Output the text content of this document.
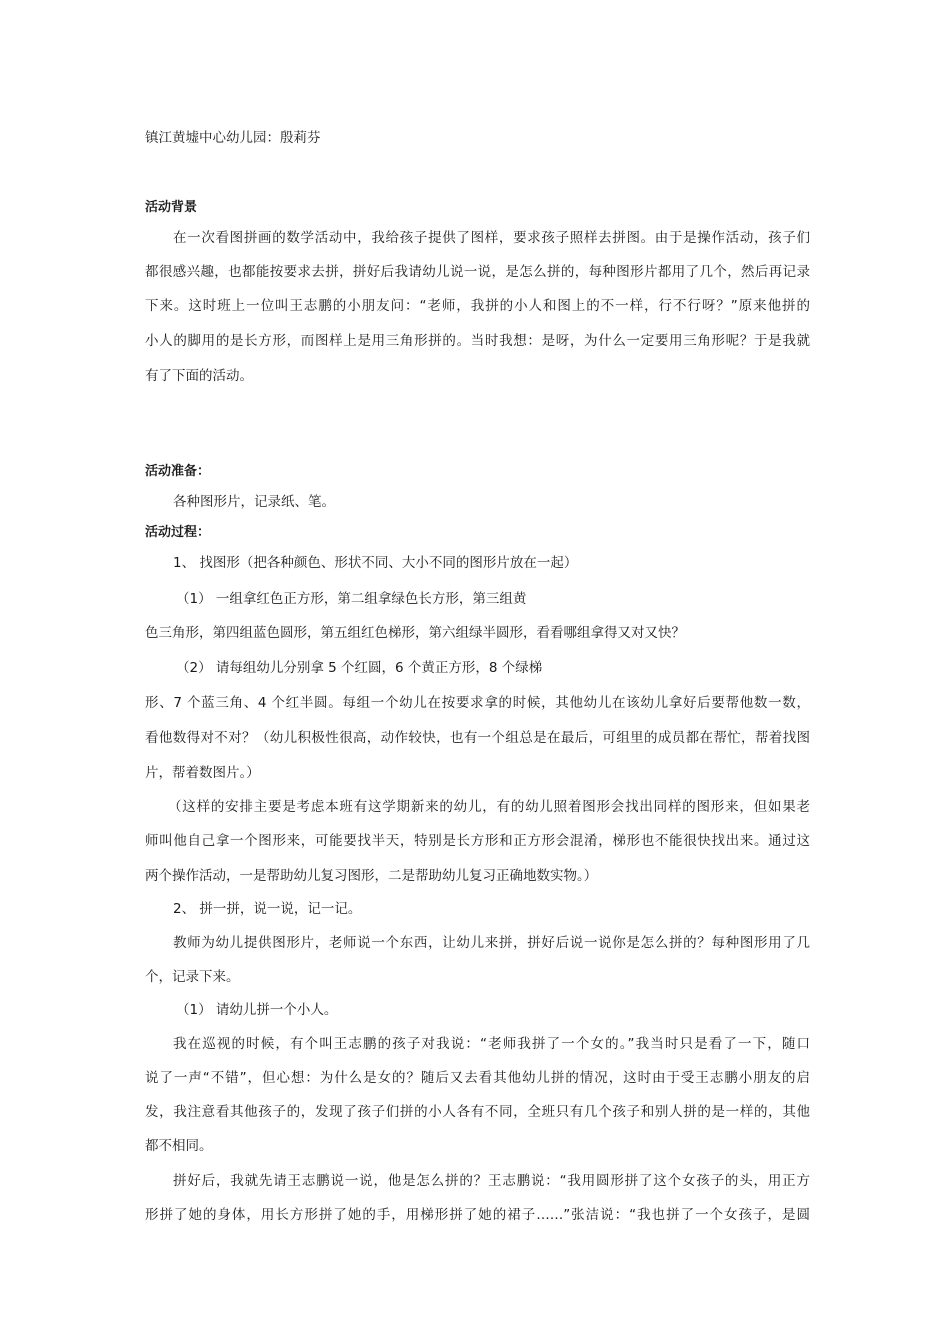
镇江黄墟中心幼儿园：殷莉芬
活动背景
在一次看图拼画的数学活动中，我给孩子提供了图样，要求孩子照样去拼图。由于是操作活动，孩子们
都很感兴趣，也都能按要求去拼，拼好后我请幼儿说一说，是怎么拼的，每种图形片都用了几个，然后再记录
下来。这时班上一位叫王志鹏的小朋友问：“老师，我拼的小人和图上的不一样，行不行呀？”原来他拼的
小人的脚用的是长方形，而图样上是用三角形拼的。当时我想：是呀，为什么一定要用三角形呢？于是我就
有了下面的活动。
活动准备：
各种图形片，记录纸、笔。
活动过程：
1、 找图形（把各种颜色、形状不同、大小不同的图形片放在一起）
（1） 一组拿红色正方形，第二组拿绿色长方形，第三组黄
色三角形，第四组蓝色圆形，第五组红色梯形，第六组绿半圆形，看看哪组拿得又对又快？
（2） 请每组幼儿分别拿 5 个红圆，6 个黄正方形，8 个绿梯
形、7 个蓝三角、4 个红半圆。每组一个幼儿在按要求拿的时候，其他幼儿在该幼儿拿好后要帮他数一数，
看他数得对不对？（幼儿积极性很高，动作较快，也有一个组总是在最后，可组里的成员都在帮忙，帮着找图
片，帮着数图片。）
（这样的安排主要是考虑本班有这学期新来的幼儿，有的幼儿照着图形会找出同样的图形来，但如果老
师叫他自己拿一个图形来，可能要找半天，特别是长方形和正方形会混淆，梯形也不能很快找出来。通过这
两个操作活动，一是帮助幼儿复习图形，二是帮助幼儿复习正确地数实物。）
2、 拼一拼，说一说，记一记。
教师为幼儿提供图形片，老师说一个东西，让幼儿来拼，拼好后说一说你是怎么拼的？每种图形用了几
个，记录下来。
（1） 请幼儿拼一个小人。
我在巡视的时候，有个叫王志鹏的孩子对我说：“老师我拼了一个女的。”我当时只是看了一下，随口
说了一声“不错”，但心想：为什么是女的？随后又去看其他幼儿拼的情况，这时由于受王志鹏小朋友的启
发，我注意看其他孩子的，发现了孩子们拼的小人各有不同，全班只有几个孩子和别人拼的是一样的，其他
都不相同。
拼好后，我就先请王志鹏说一说，他是怎么拼的？王志鹏说：“我用圆形拼了这个女孩子的头，用正方
形拼了她的身体，用长方形拼了她的手，用梯形拼了她的裙子……”张洁说：“我也拼了一个女孩子，是圆
